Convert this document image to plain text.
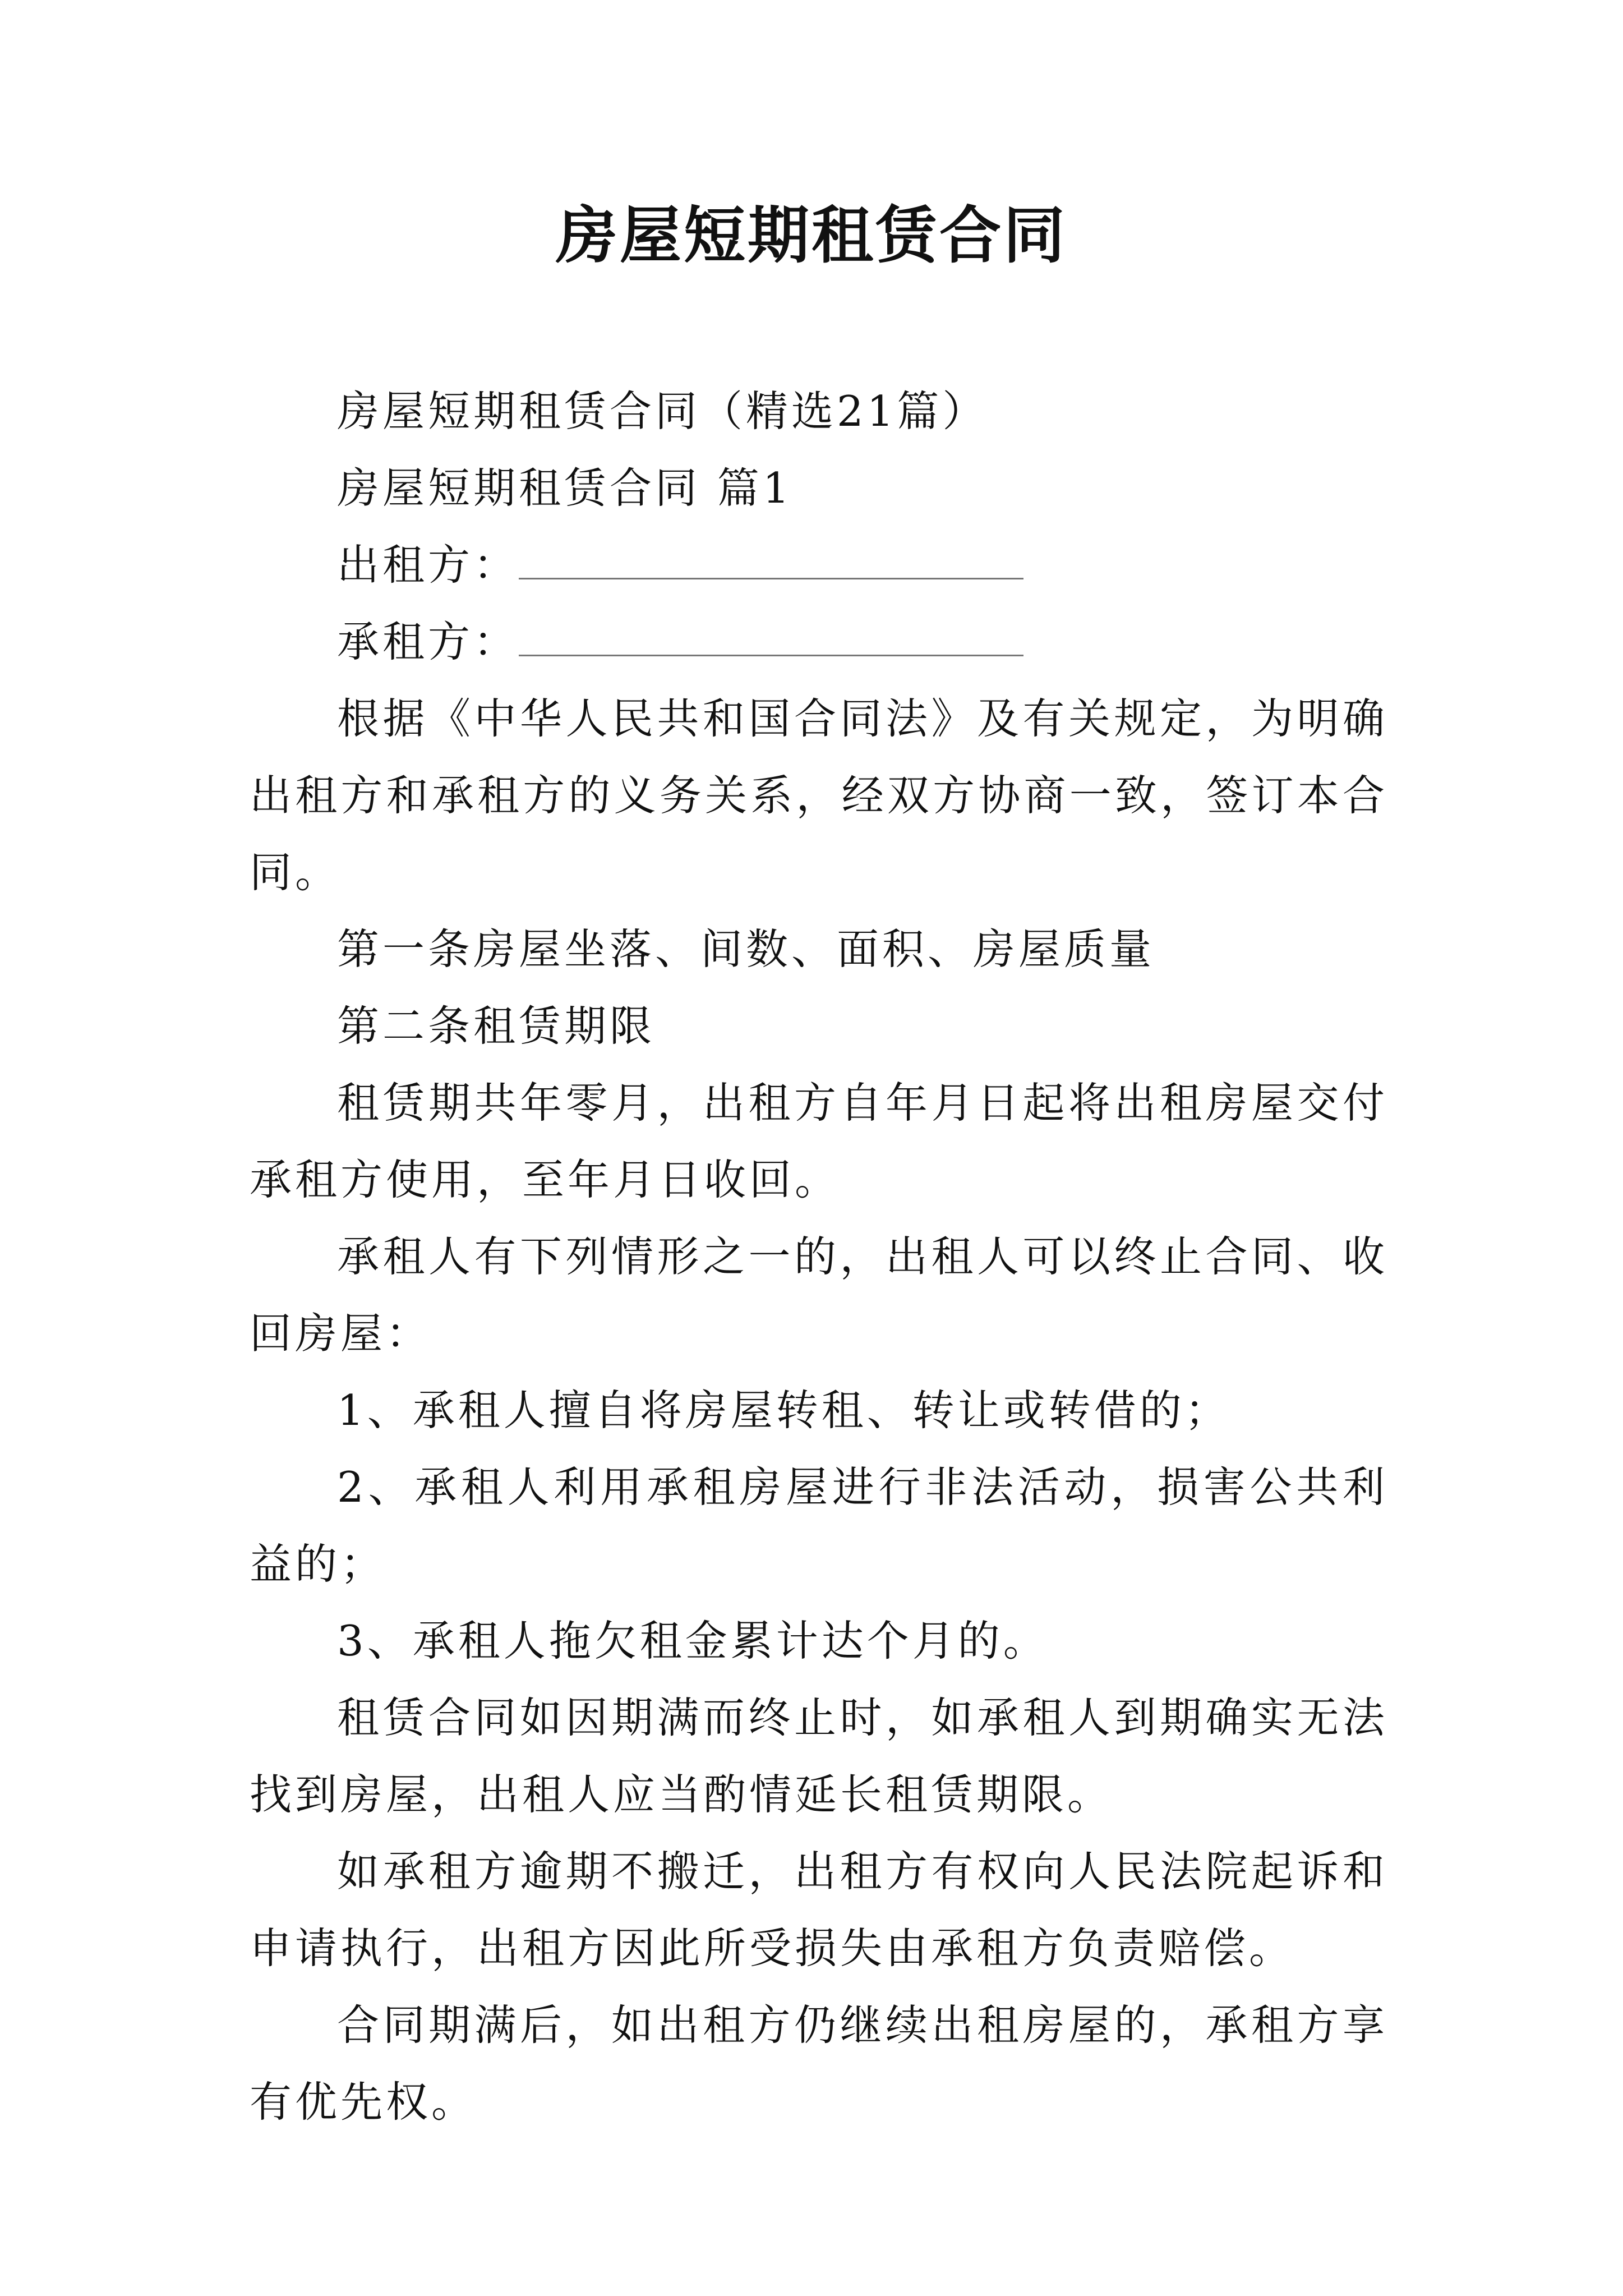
房屋短期租赁合同

房屋短期租赁合同（精选21篇）

房屋短期租赁合同 篇1

出租方：

承租方：

根据《中华人民共和国合同法》及有关规定，为明确出租方和承租方的义务关系，经双方协商一致，签订本合同。

第一条房屋坐落、间数、面积、房屋质量

第二条租赁期限

租赁期共年零月，出租方自年月日起将出租房屋交付承租方使用，至年月日收回。

承租人有下列情形之一的，出租人可以终止合同、收回房屋：

1、承租人擅自将房屋转租、转让或转借的；

2、承租人利用承租房屋进行非法活动，损害公共利益的；

3、承租人拖欠租金累计达个月的。

租赁合同如因期满而终止时，如承租人到期确实无法找到房屋，出租人应当酌情延长租赁期限。

如承租方逾期不搬迁，出租方有权向人民法院起诉和申请执行，出租方因此所受损失由承租方负责赔偿。

合同期满后，如出租方仍继续出租房屋的，承租方享有优先权。
